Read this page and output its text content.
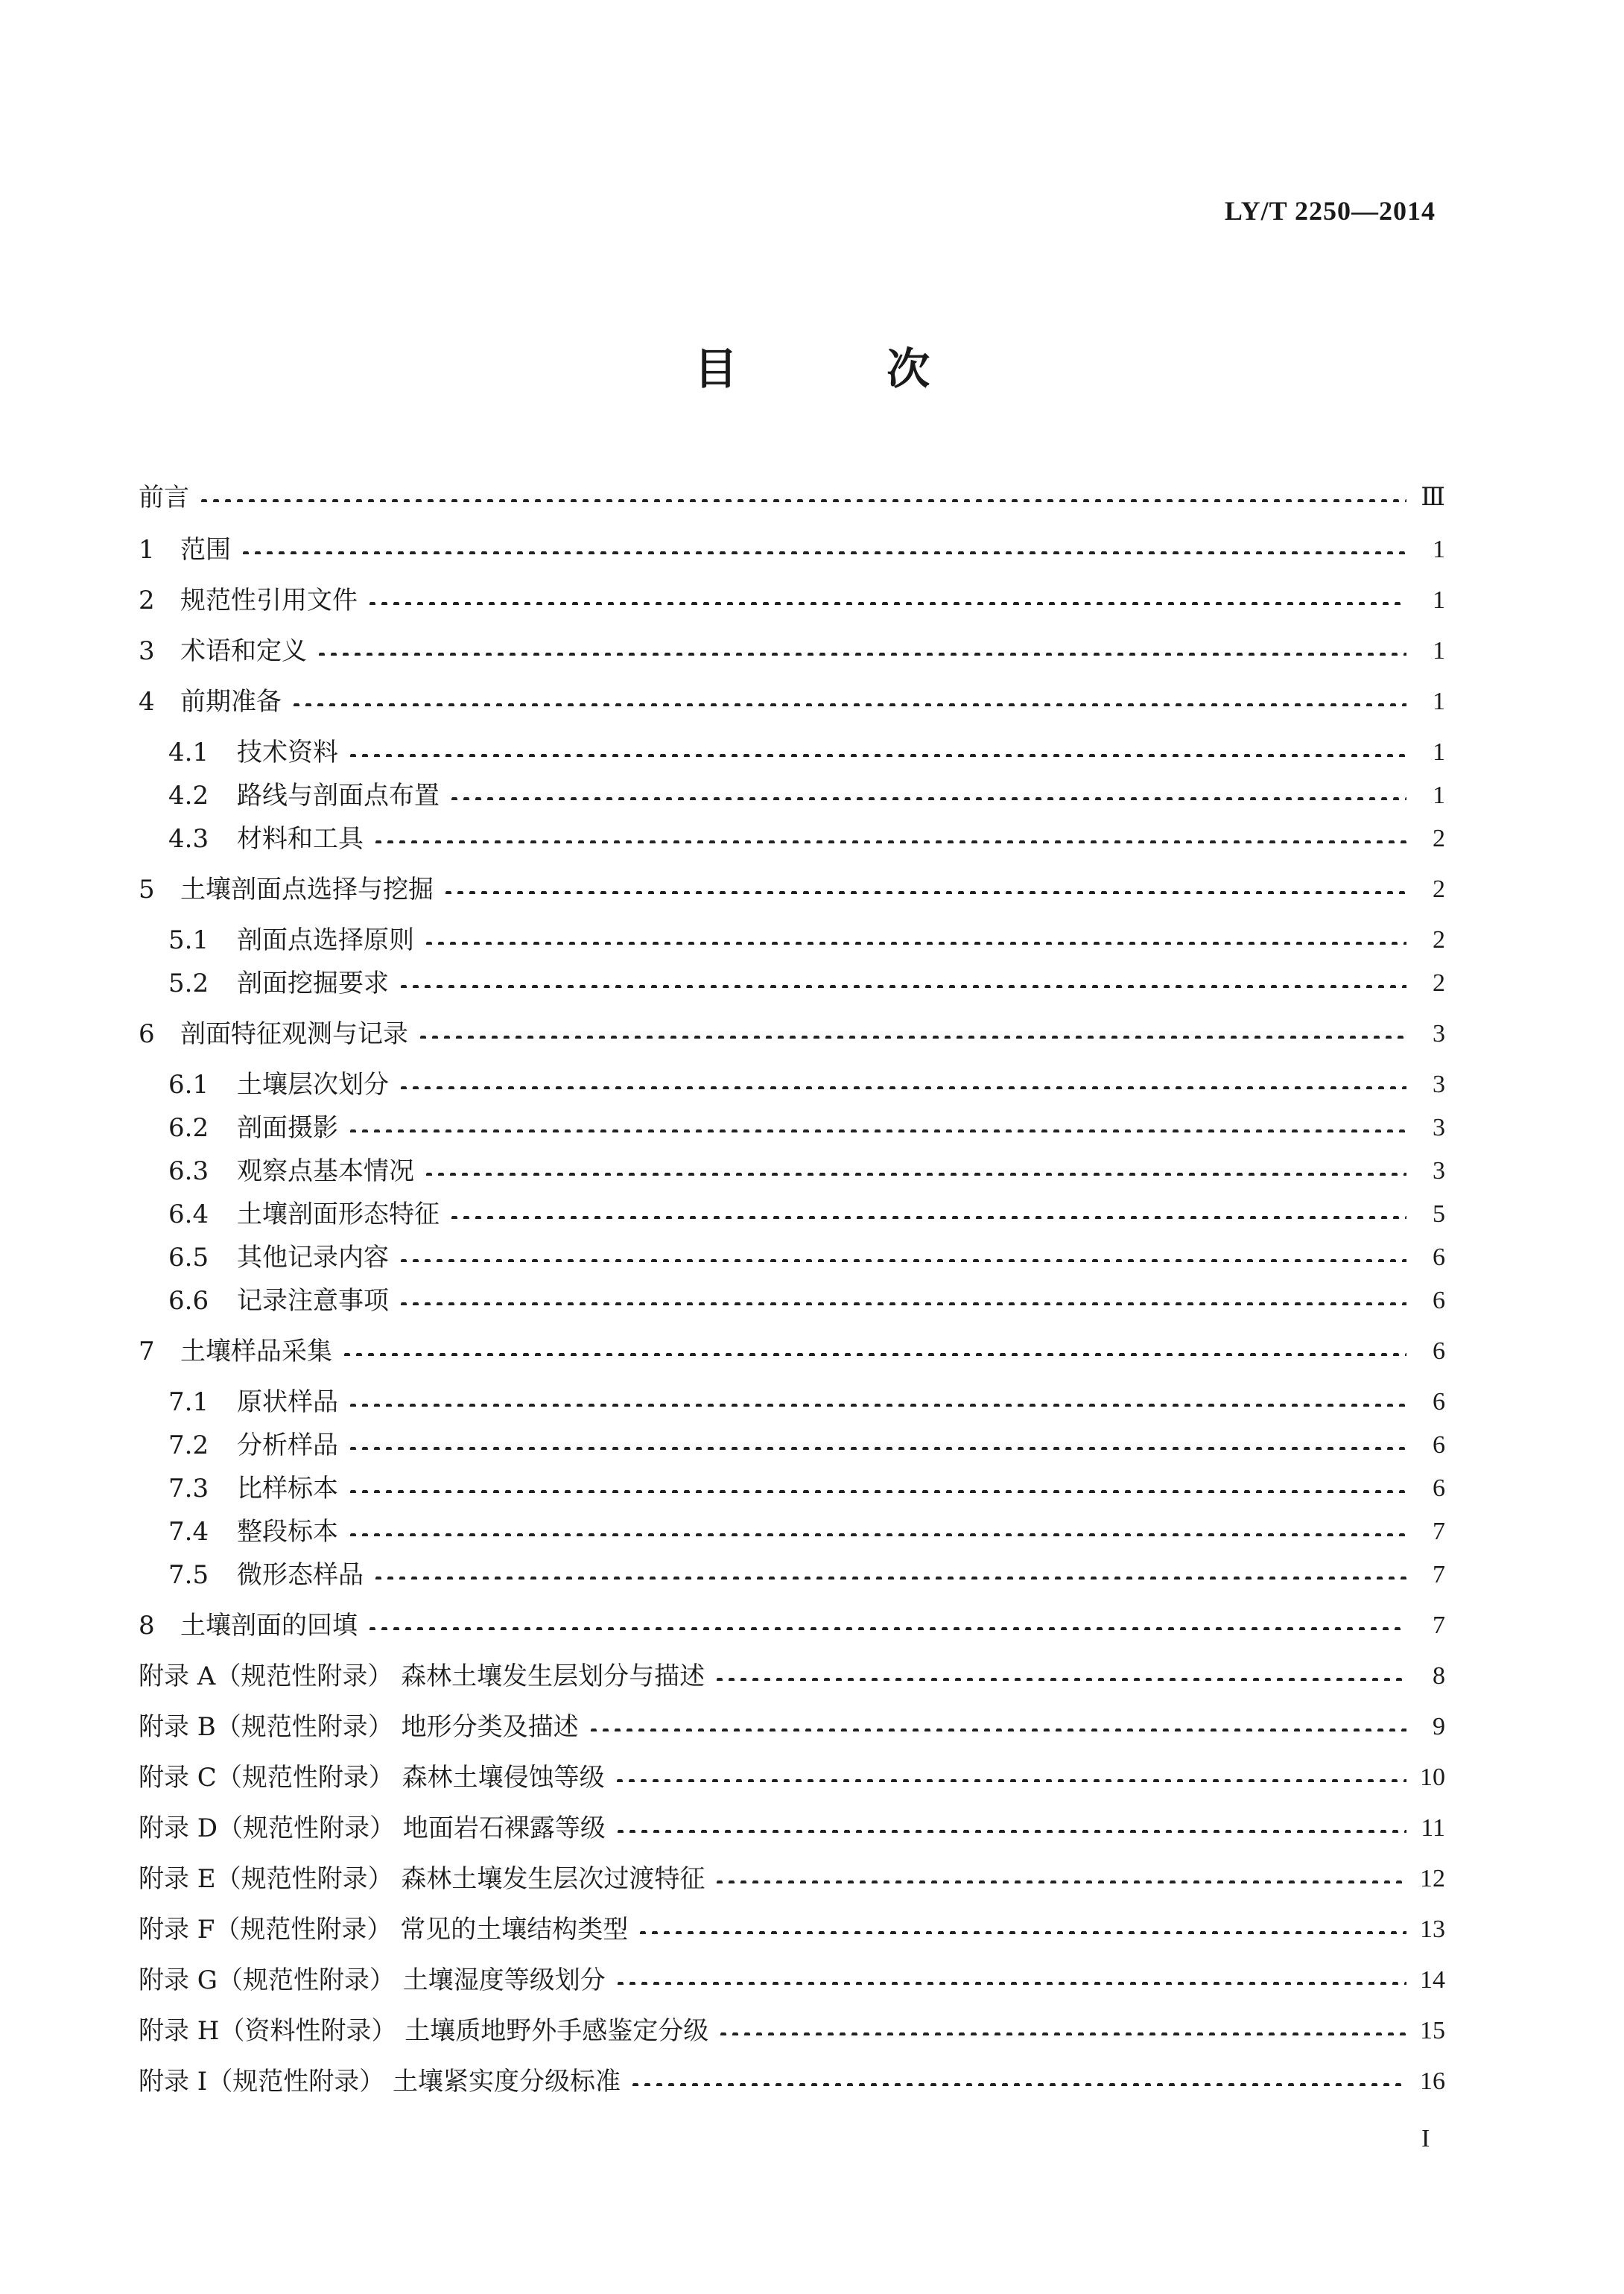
LY/T 2250—2014
目 次
前言	Ⅲ
1	范围	1
2	规范性引用文件	1
3	术语和定义	1
4	前期准备	1
4.1	技术资料	1
4.2	路线与剖面点布置	1
4.3	材料和工具	2
5	土壤剖面点选择与挖掘	2
5.1	剖面点选择原则	2
5.2	剖面挖掘要求	2
6	剖面特征观测与记录	3
6.1	土壤层次划分	3
6.2	剖面摄影	3
6.3	观察点基本情况	3
6.4	土壤剖面形态特征	5
6.5	其他记录内容	6
6.6	记录注意事项	6
7	土壤样品采集	6
7.1	原状样品	6
7.2	分析样品	6
7.3	比样标本	6
7.4	整段标本	7
7.5	微形态样品	7
8	土壤剖面的回填	7
附录 A（规范性附录） 森林土壤发生层划分与描述	8
附录 B（规范性附录） 地形分类及描述	9
附录 C（规范性附录） 森林土壤侵蚀等级	10
附录 D（规范性附录） 地面岩石裸露等级	11
附录 E（规范性附录） 森林土壤发生层次过渡特征	12
附录 F（规范性附录） 常见的土壤结构类型	13
附录 G（规范性附录） 土壤湿度等级划分	14
附录 H（资料性附录） 土壤质地野外手感鉴定分级	15
附录 I（规范性附录） 土壤紧实度分级标准	16
I
